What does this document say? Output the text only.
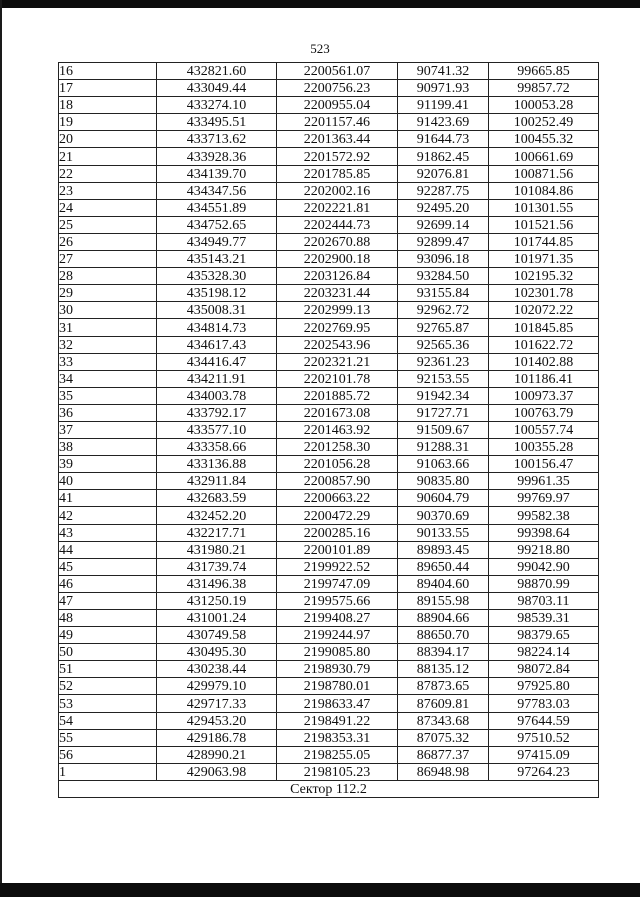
523
16	432821.60	2200561.07	90741.32	99665.85
17	433049.44	2200756.23	90971.93	99857.72
18	433274.10	2200955.04	91199.41	100053.28
19	433495.51	2201157.46	91423.69	100252.49
20	433713.62	2201363.44	91644.73	100455.32
21	433928.36	2201572.92	91862.45	100661.69
22	434139.70	2201785.85	92076.81	100871.56
23	434347.56	2202002.16	92287.75	101084.86
24	434551.89	2202221.81	92495.20	101301.55
25	434752.65	2202444.73	92699.14	101521.56
26	434949.77	2202670.88	92899.47	101744.85
27	435143.21	2202900.18	93096.18	101971.35
28	435328.30	2203126.84	93284.50	102195.32
29	435198.12	2203231.44	93155.84	102301.78
30	435008.31	2202999.13	92962.72	102072.22
31	434814.73	2202769.95	92765.87	101845.85
32	434617.43	2202543.96	92565.36	101622.72
33	434416.47	2202321.21	92361.23	101402.88
34	434211.91	2202101.78	92153.55	101186.41
35	434003.78	2201885.72	91942.34	100973.37
36	433792.17	2201673.08	91727.71	100763.79
37	433577.10	2201463.92	91509.67	100557.74
38	433358.66	2201258.30	91288.31	100355.28
39	433136.88	2201056.28	91063.66	100156.47
40	432911.84	2200857.90	90835.80	99961.35
41	432683.59	2200663.22	90604.79	99769.97
42	432452.20	2200472.29	90370.69	99582.38
43	432217.71	2200285.16	90133.55	99398.64
44	431980.21	2200101.89	89893.45	99218.80
45	431739.74	2199922.52	89650.44	99042.90
46	431496.38	2199747.09	89404.60	98870.99
47	431250.19	2199575.66	89155.98	98703.11
48	431001.24	2199408.27	88904.66	98539.31
49	430749.58	2199244.97	88650.70	98379.65
50	430495.30	2199085.80	88394.17	98224.14
51	430238.44	2198930.79	88135.12	98072.84
52	429979.10	2198780.01	87873.65	97925.80
53	429717.33	2198633.47	87609.81	97783.03
54	429453.20	2198491.22	87343.68	97644.59
55	429186.78	2198353.31	87075.32	97510.52
56	428990.21	2198255.05	86877.37	97415.09
1	429063.98	2198105.23	86948.98	97264.23
Сектор 112.2				
